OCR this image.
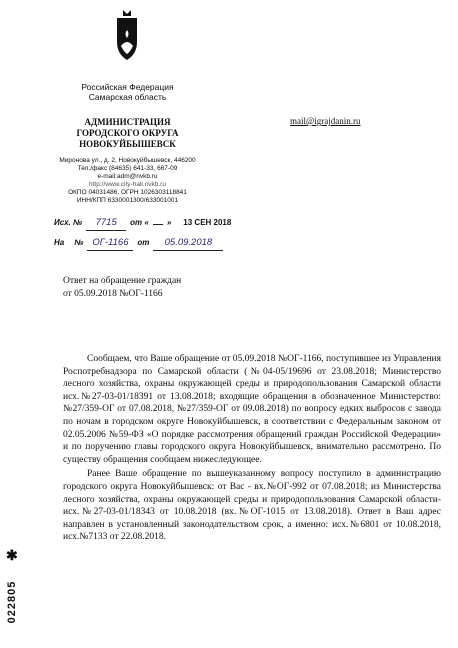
Российская Федерация
Самарская область
АДМИНИСТРАЦИЯ
ГОРОДСКОГО ОКРУГА
НОВОКУЙБЫШЕВСК
Миронова ул., д. 2, Новокуйбышевск, 446200
Тел./факс (84635) 641-33, 667-09
e-mail:adm@nvkb.ru
http://www.city-hall.nvkb.ru
ОКПО 04031486, ОГРН 1026303118841
ИНН/КПП 6330001300/633001001
mail@igrajdanin.ru
Исх. № 7715 от « » 13 СЕН 2018
На № ОГ-1166 от 05.09.2018
Ответ на обращение граждан
от 05.09.2018 №ОГ-1166

Сообщаем, что Ваше обращение от 05.09.2018 №ОГ-1166, поступившее из Управления Роспотребнадзора по Самарской области (№04-05/19696 от 23.08.2018; Министерство лесного хозяйства, охраны окружающей среды и природопользования Самарской области исх.№27-03-01/18391 от 13.08.2018; входящие обращения в обозначенное Министерство: №27/359-ОГ от 07.08.2018, №27/359-ОГ от 09.08.2018) по вопросу едких выбросов с завода по ночам в городском округе Новокуйбышевск, в соответствии с Федеральным законом от 02.05.2006 №59-ФЗ «О порядке рассмотрения обращений граждан Российской Федерации» и по поручению главы городского округа Новокуйбышевск, внимательно рассмотрено. По существу обращения сообщаем нижеследующее.

Ранее Ваше обращение по вышеуказанному вопросу поступило в администрацию городского округа Новокуйбышевск: от Вас - вх.№ОГ-992 от 07.08.2018; из Министерства лесного хозяйства, охраны окружающей среды и природопользования Самарской области-исх.№27-03-01/18343 от 10.08.2018 (вх.№ОГ-1015 от 13.08.2018). Ответ в Ваш адрес направлен в установленный законодательством срок, а именно: исх.№6801 от 10.08.2018, исх.№7133 от 22.08.2018.

✱
022805
